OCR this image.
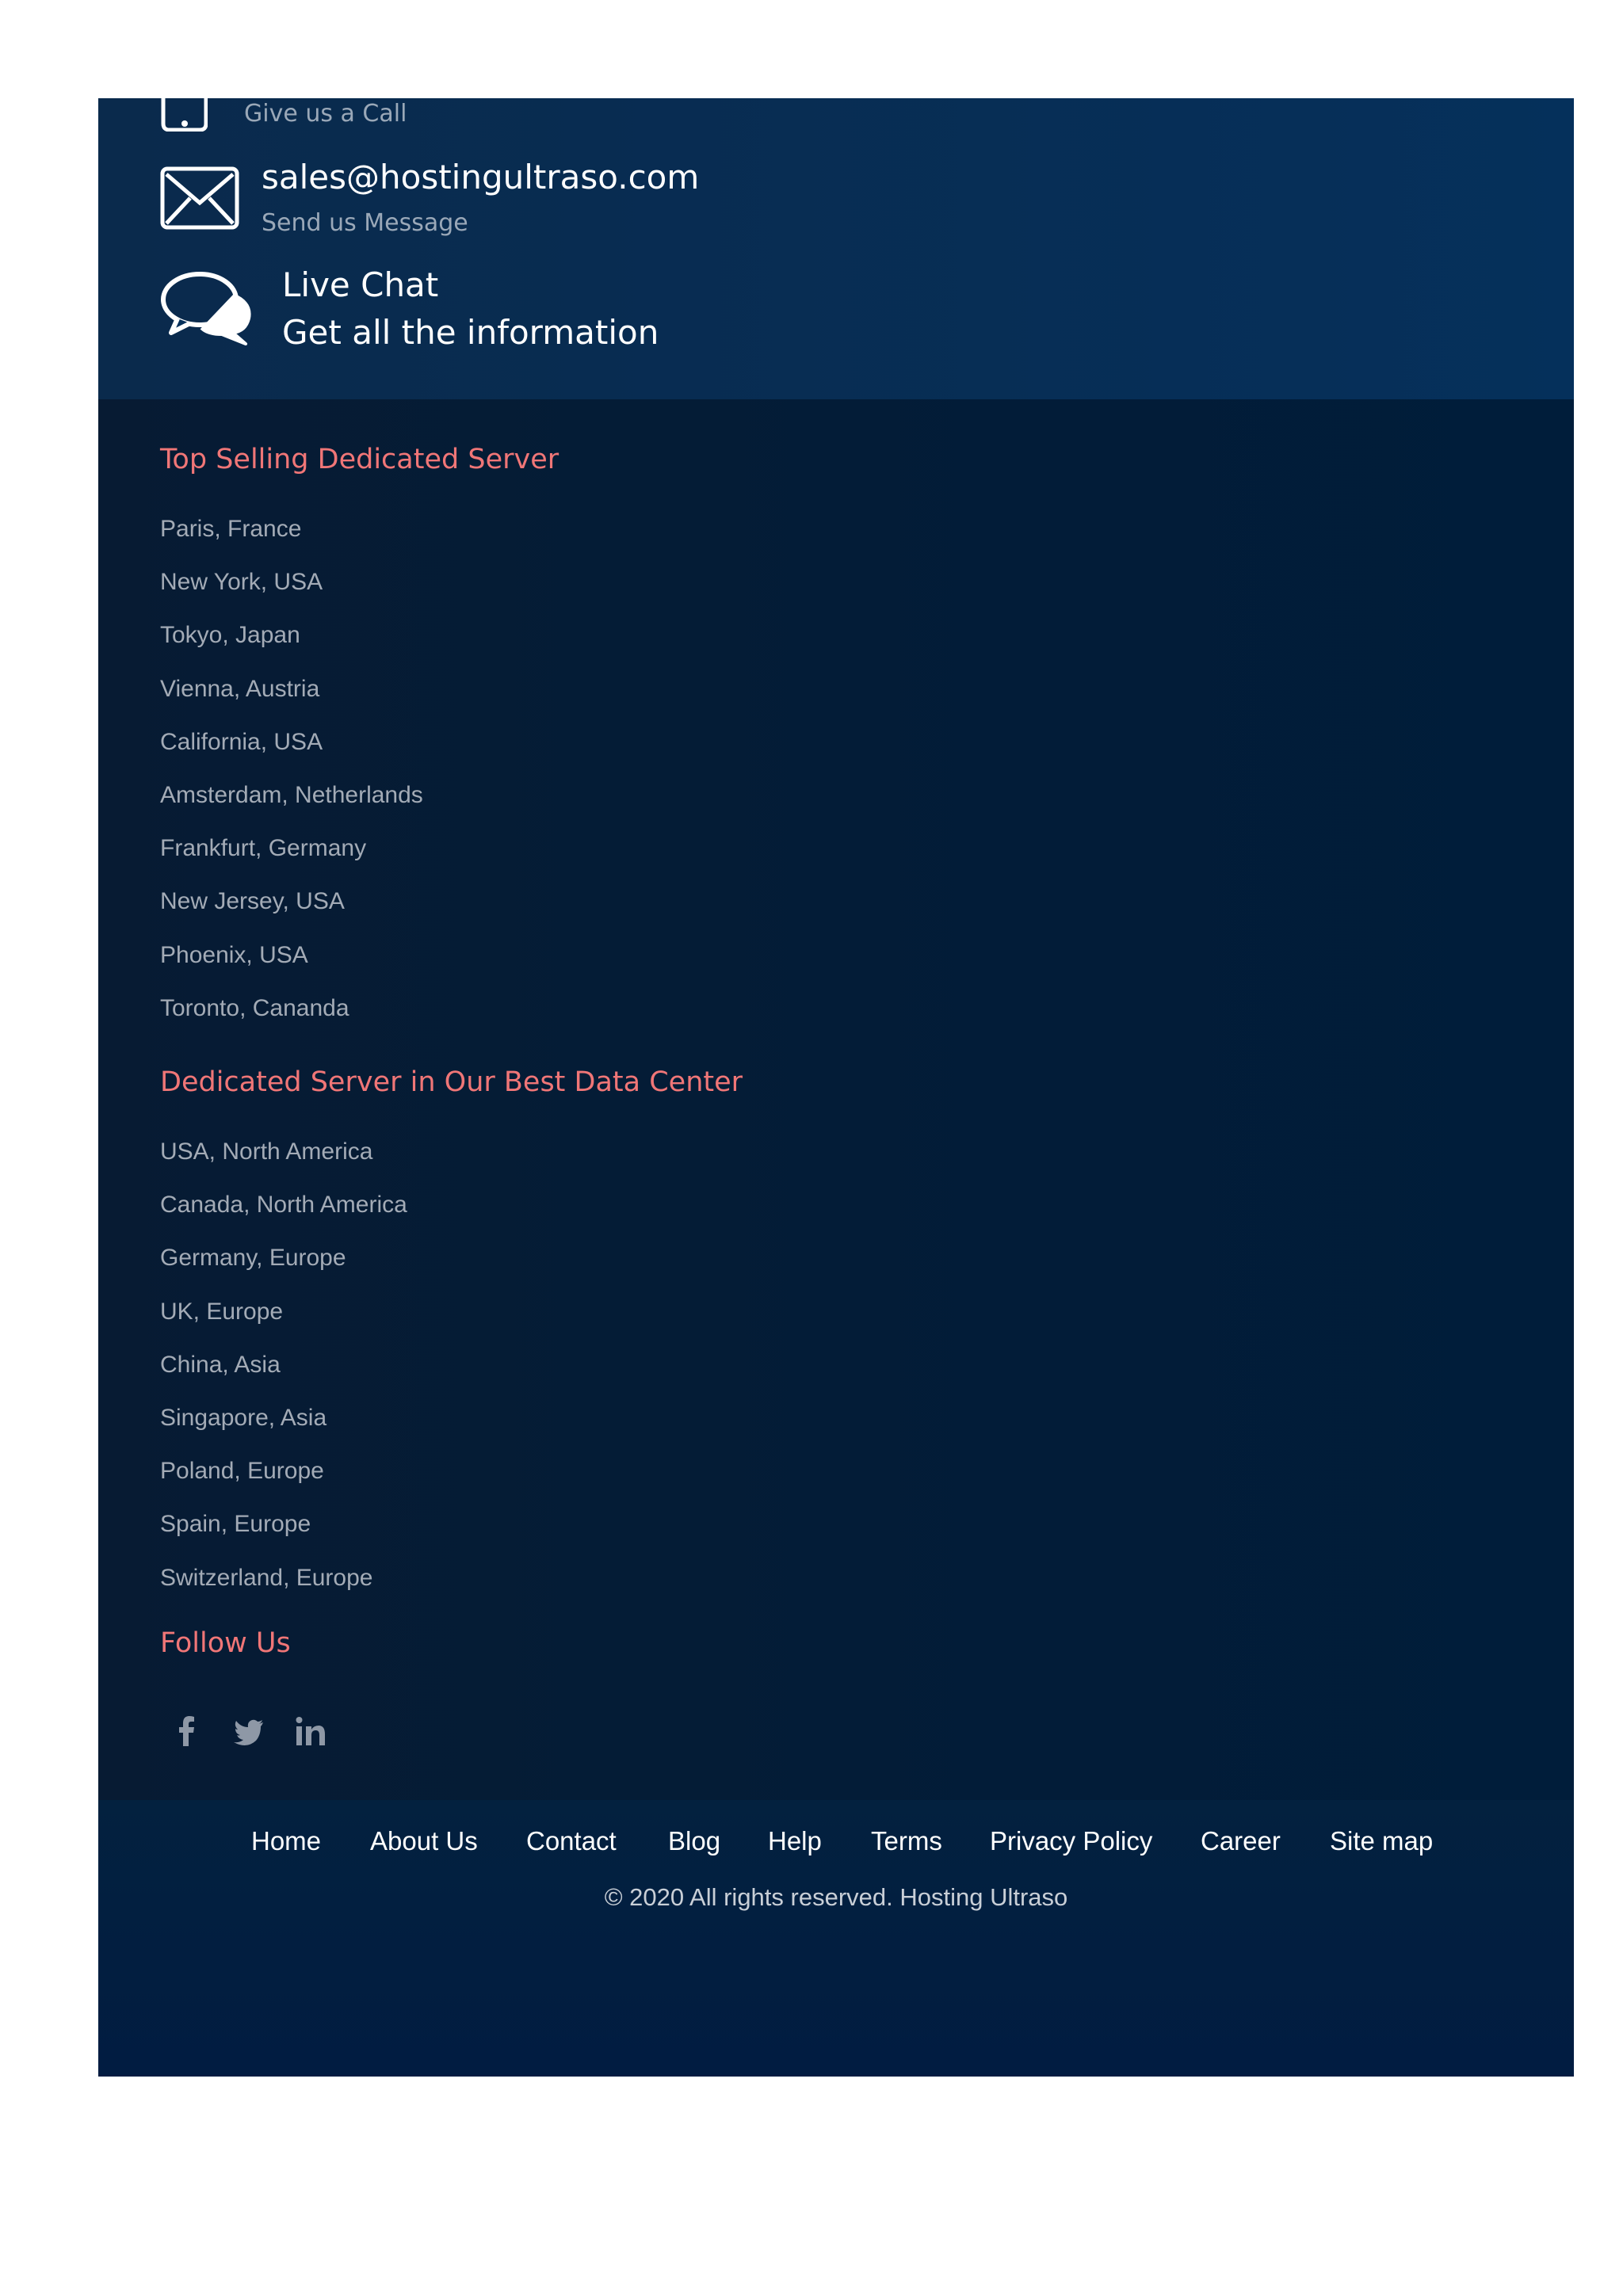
Give us a Call
sales@hostingultraso.com
Send us Message
Live Chat
Get all the information
Top Selling Dedicated Server
Paris, France
New York, USA
Tokyo, Japan
Vienna, Austria
California, USA
Amsterdam, Netherlands
Frankfurt, Germany
New Jersey, USA
Phoenix, USA
Toronto, Cananda
Dedicated Server in Our Best Data Center
USA, North America
Canada, North America
Germany, Europe
UK, Europe
China, Asia
Singapore, Asia
Poland, Europe
Spain, Europe
Switzerland, Europe
Follow Us
Home About Us Contact Blog Help Terms Privacy Policy Career Site map
© 2020 All rights reserved. Hosting Ultraso
